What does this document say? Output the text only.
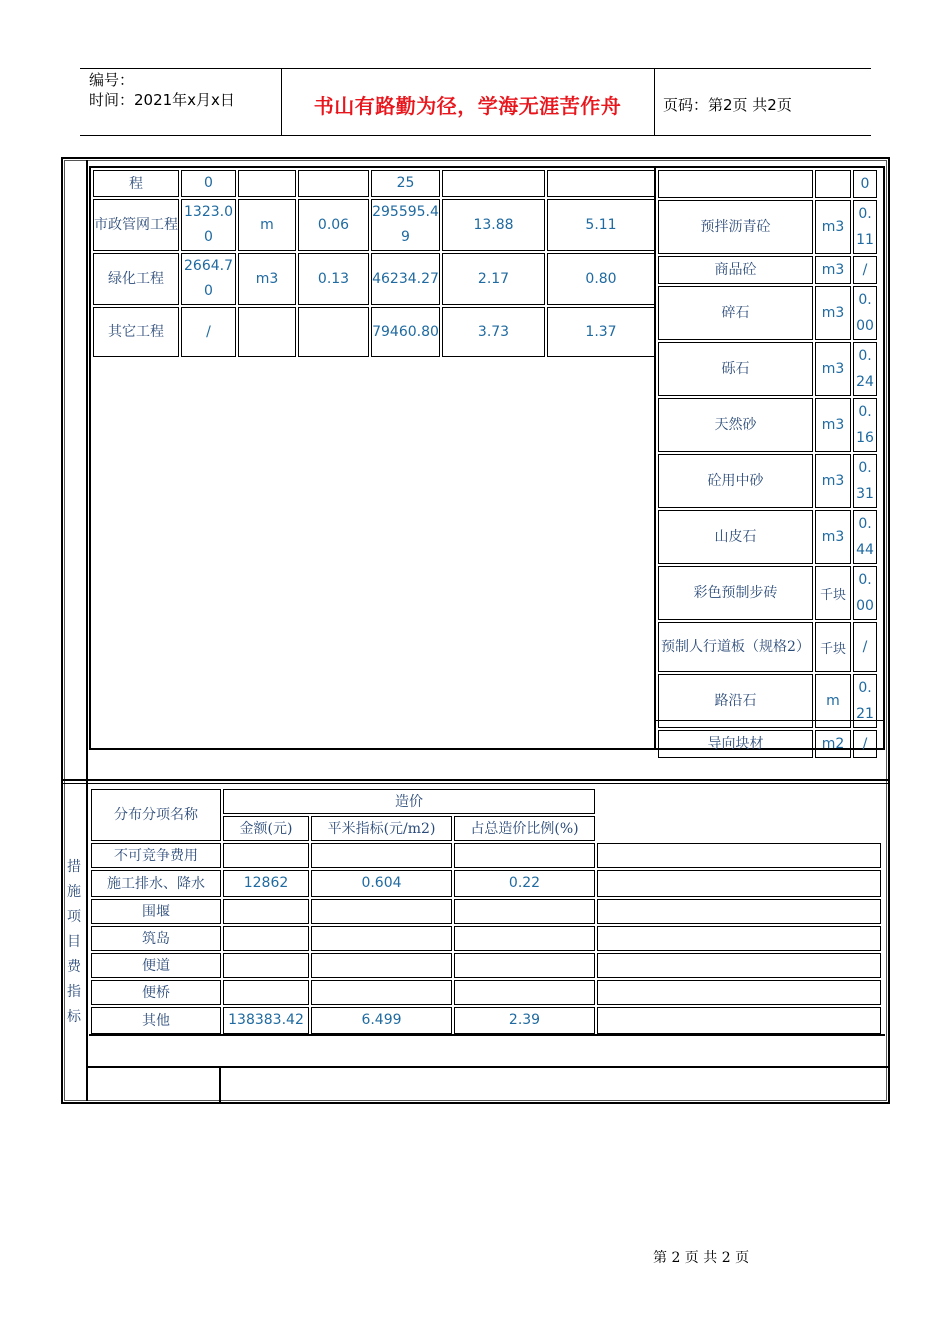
编号：
时间：2021年x月x日	书山有路勤为径，学海无涯苦作舟	页码：第2页 共2页
程	0			25		
市政管网工程	1323.00	m	0.06	295595.49	13.88	5.11
绿化工程	2664.70	m3	0.13	46234.27	2.17	0.80
其它工程	/			79460.80	3.73	1.37
		0
预拌沥青砼	m3	0.11
商品砼	m3	/
碎石	m3	0.00
砾石	m3	0.24
天然砂	m3	0.16
砼用中砂	m3	0.31
山皮石	m3	0.44
彩色预制步砖	千块	0.00
预制人行道板（规格2）	千块	/
路沿石	m	0.21
导向块材	m2	/
措
施
项
目
费
指
标
分布分项名称	造价			
	金额(元)	平米指标(元/m2)	占总造价比例(%)	
不可竞争费用				
施工排水、降水	12862	0.604	0.22	
围堰				
筑岛				
便道				
便桥				
其他	138383.42	6.499	2.39	
第 2 页 共 2 页
